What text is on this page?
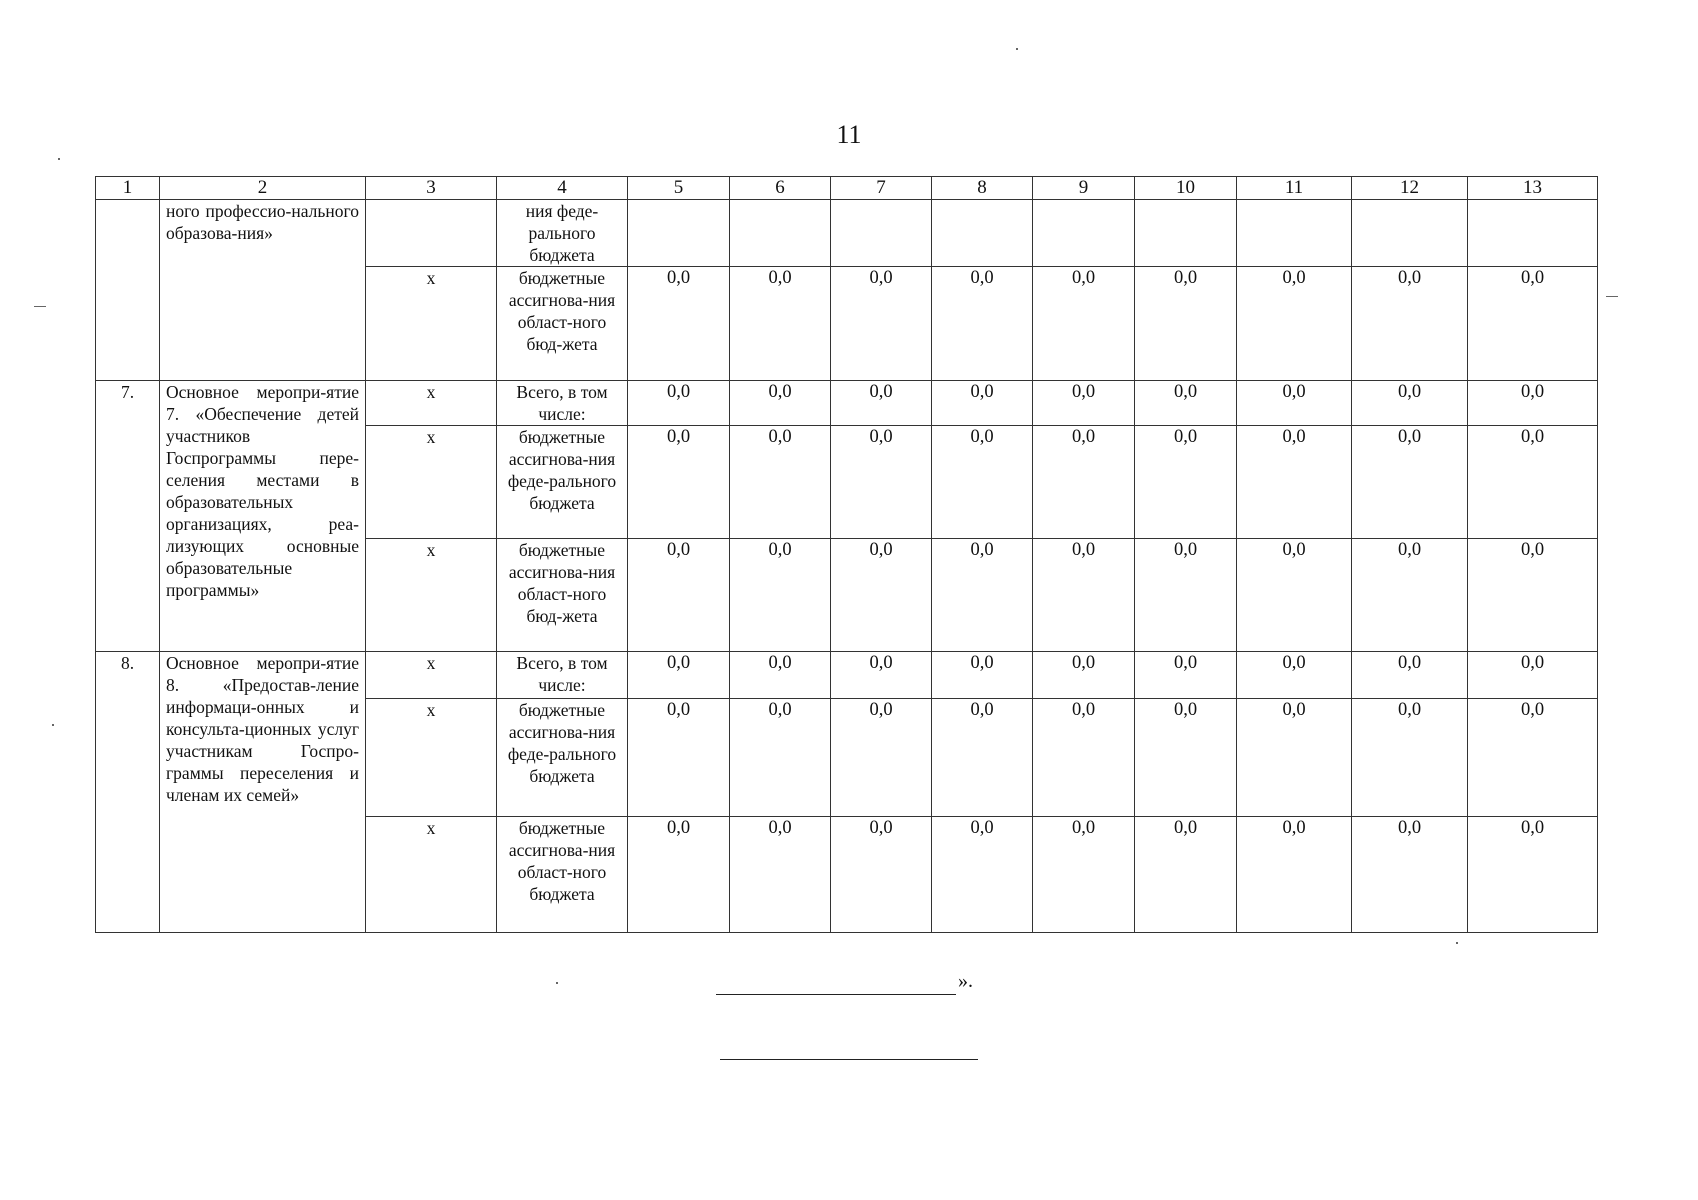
11
1	2	3	4	5	6	7	8	9	10	11	12	13
	ного профессио-нального образова-ния»		ния феде-рального бюджета									
		х	бюджетные ассигнова-ния област-ного бюд-жета	0,0	0,0	0,0	0,0	0,0	0,0	0,0	0,0	0,0
7.	Основное меропри-ятие 7. «Обеспечение детей участников Госпрограммы пере-селения местами в образовательных организациях, реа-лизующих основные образовательные программы»	х	Всего, в том числе:	0,0	0,0	0,0	0,0	0,0	0,0	0,0	0,0	0,0
		х	бюджетные ассигнова-ния феде-рального бюджета	0,0	0,0	0,0	0,0	0,0	0,0	0,0	0,0	0,0
		х	бюджетные ассигнова-ния област-ного бюд-жета	0,0	0,0	0,0	0,0	0,0	0,0	0,0	0,0	0,0
8.	Основное меропри-ятие 8. «Предостав-ление информаци-онных и консульта-ционных услуг участникам Госпро-граммы переселения и членам их семей»	х	Всего, в том числе:	0,0	0,0	0,0	0,0	0,0	0,0	0,0	0,0	0,0
		х	бюджетные ассигнова-ния феде-рального бюджета	0,0	0,0	0,0	0,0	0,0	0,0	0,0	0,0	0,0
		х	бюджетные ассигнова-ния област-ного бюджета	0,0	0,0	0,0	0,0	0,0	0,0	0,0	0,0	0,0
».
